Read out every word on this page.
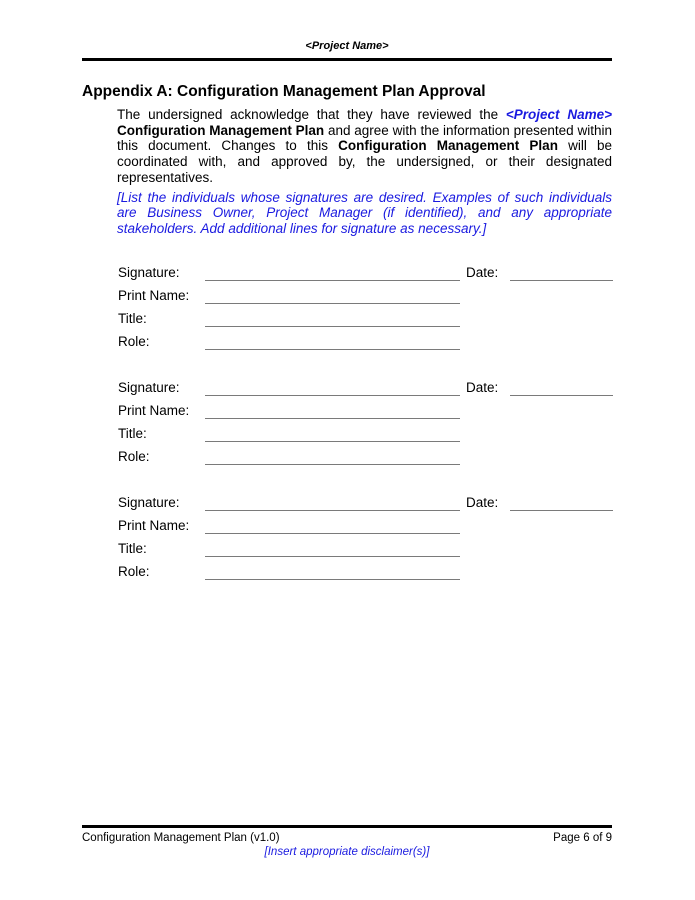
<Project Name>
Appendix A: Configuration Management Plan Approval

The undersigned acknowledge that they have reviewed the <Project Name> Configuration Management Plan and agree with the information presented within this document. Changes to this Configuration Management Plan will be coordinated with, and approved by, the undersigned, or their designated representatives.

[List the individuals whose signatures are desired. Examples of such individuals are Business Owner, Project Manager (if identified), and any appropriate stakeholders. Add additional lines for signature as necessary.]

Signature:	Date:
Print Name:
Title:
Role:
Signature:	Date:
Print Name:
Title:
Role:
Signature:	Date:
Print Name:
Title:
Role:
Configuration Management Plan (v1.0)	Page 6 of 9
[Insert appropriate disclaimer(s)]
